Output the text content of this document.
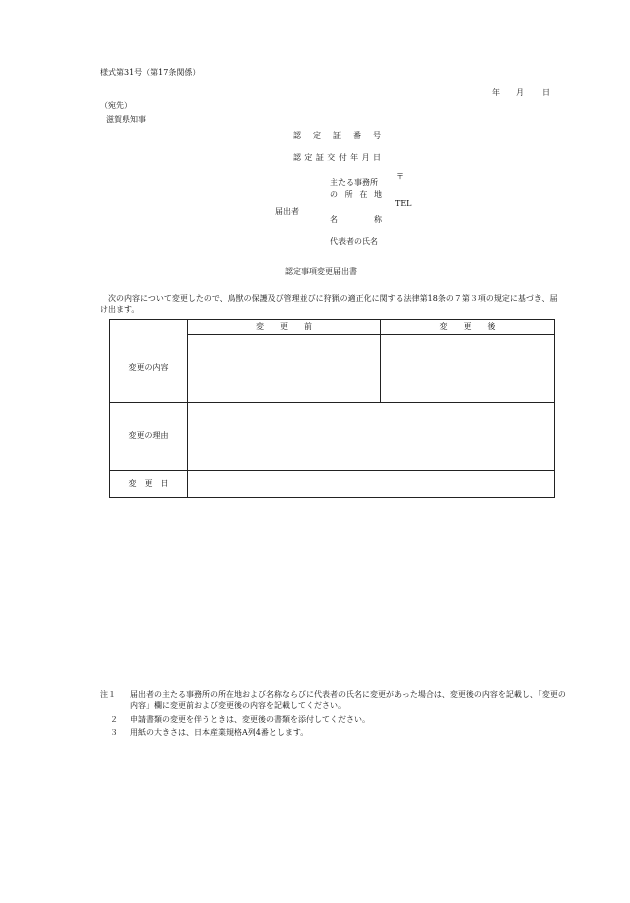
様式第31号（第17条関係）
年 月 日
（宛先）
滋賀県知事
認 定 証 番 号
認定証交付年月日
届出者
主たる事務所
の 所 在 地
〒
TEL
名　　　称
代表者の氏名
認定事項変更届出書
次の内容について変更したので、鳥獣の保護及び管理並びに狩猟の適正化に関する法律第18条の７第３項の規定に基づき、届け出ます。
	変　　更　　前	変　　更　　後
変更の内容		
変更の理由		
変　更　日		
注１	届出者の主たる事務所の所在地および名称ならびに代表者の氏名に変更があった場合は、変更後の内容を記載し、「変更の内容」欄に変更前および変更後の内容を記載してください。
２ 申請書類の変更を伴うときは、変更後の書類を添付してください。
３ 用紙の大きさは、日本産業規格A列4番とします。
